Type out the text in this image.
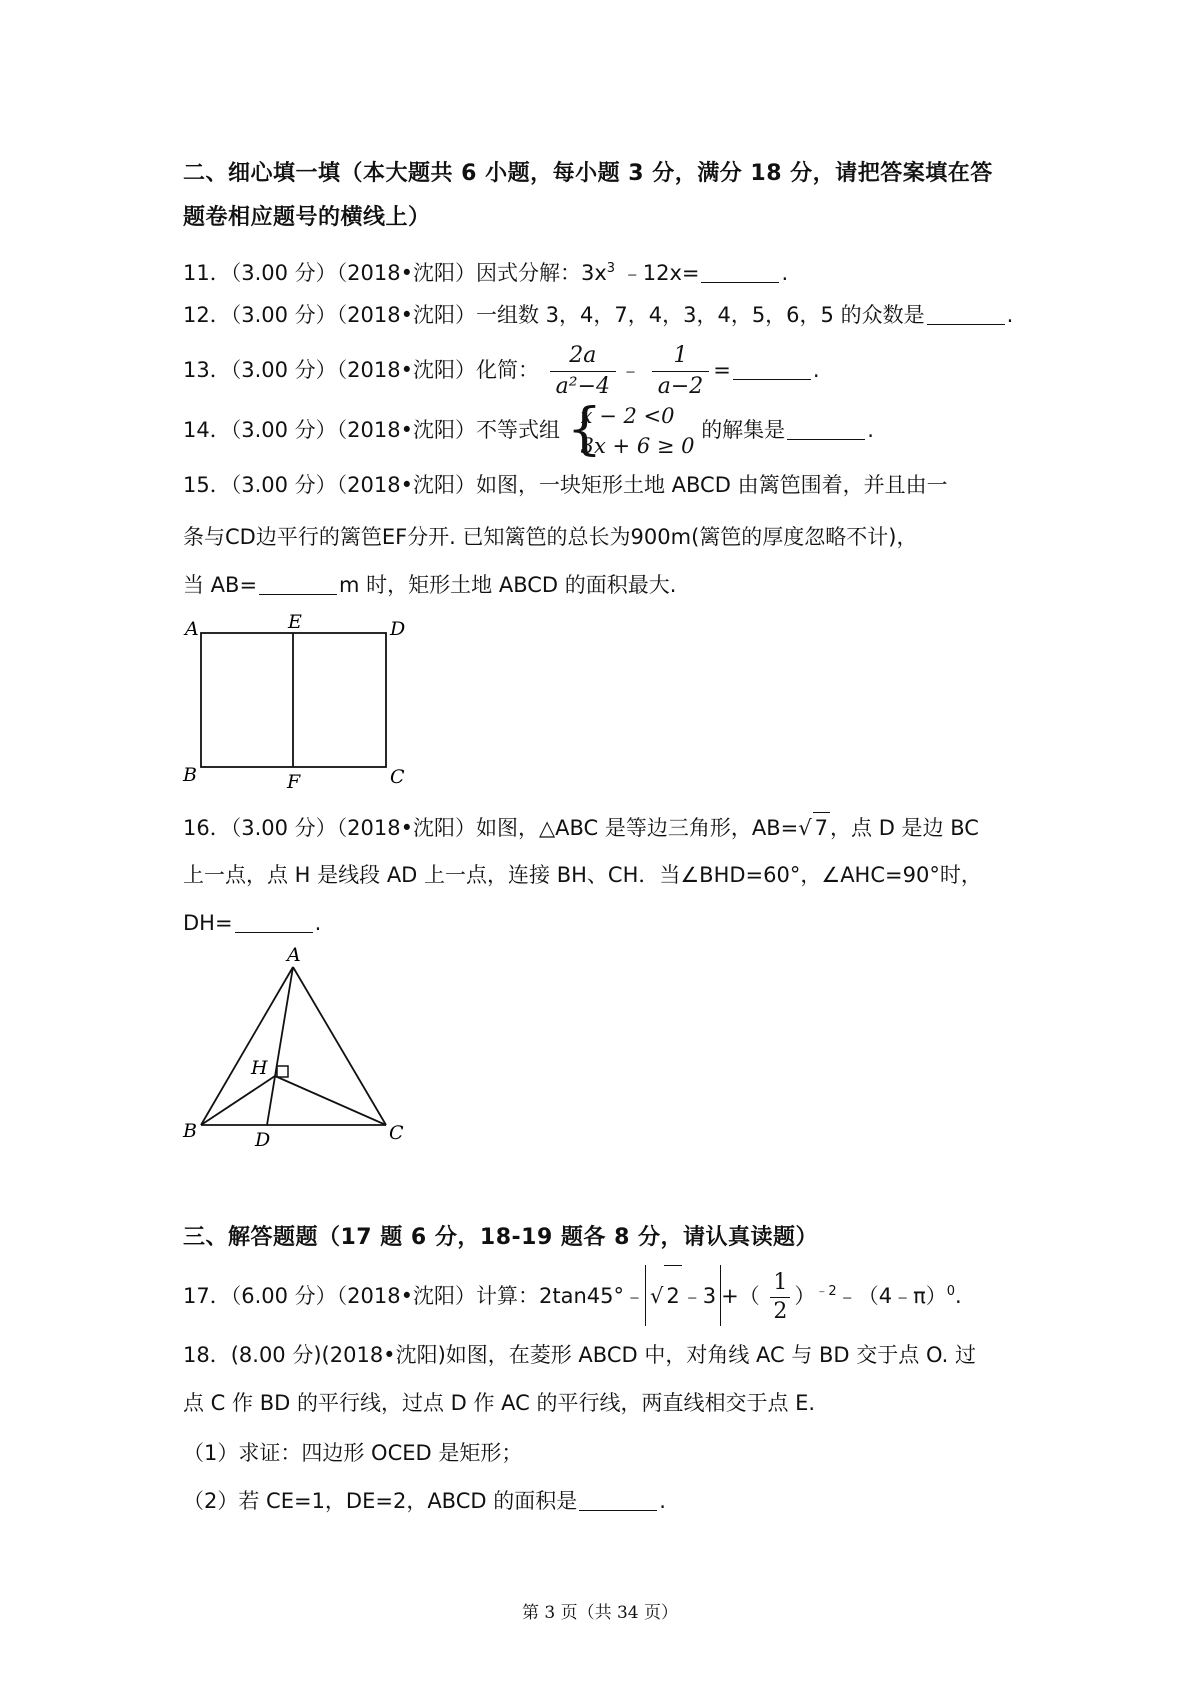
二、细心填一填（本大题共 6 小题，每小题 3 分，满分 18 分，请把答案填在答
题卷相应题号的横线上）
11．（3.00 分）（2018•沈阳）因式分解：$3x^3$ ﹣12x=	.
12．（3.00 分）（2018•沈阳）一组数 3，4，7，4，3，4，5，6，5 的众数是	.
13．（3.00 分）（2018•沈阳）化简： $\frac{2a}{\text{a²−4}}$ ﹣ $\frac{1}{a-2}$ =	.
14．（3.00 分）（2018•沈阳）不等式组 {
x − 2 <0
3x + 6 ≥ 0
的解集是	.
15．（3.00 分）（2018•沈阳）如图，一块矩形土地 ABCD 由篱笆围着，并且由一
条与CD边平行的篱笆EF分开. 已知篱笆的总长为900m(篱笆的厚度忽略不计)，
当 AB=	m 时，矩形土地 ABCD 的面积最大.
A	E	D
B	F	C
16．（3.00 分）（2018•沈阳）如图，△ABC 是等边三角形，AB=√ 7，点 D 是边 BC
上一点，点 H 是线段 AD 上一点，连接 BH、CH．当∠BHD=60°，∠AHC=90°时，
DH=	.
A
H
B	D	C
三、解答题题（17 题 6 分，18-19 题各 8 分，请认真读题）
17．（6.00 分）（2018•沈阳）计算：2tan45°﹣ √ 2﹣3 +（ $\frac{1}{2}$ ）$^{﹣2}$﹣（4﹣π）$^0$.
18．(8.00 分)(2018•沈阳)如图，在菱形 ABCD 中，对角线 AC 与 BD 交于点 O. 过
点 C 作 BD 的平行线，过点 D 作 AC 的平行线，两直线相交于点 E.
（1）求证：四边形 OCED 是矩形；
（2）若 CE=1，DE=2，ABCD 的面积是	.
第 3 页（共 34 页）
